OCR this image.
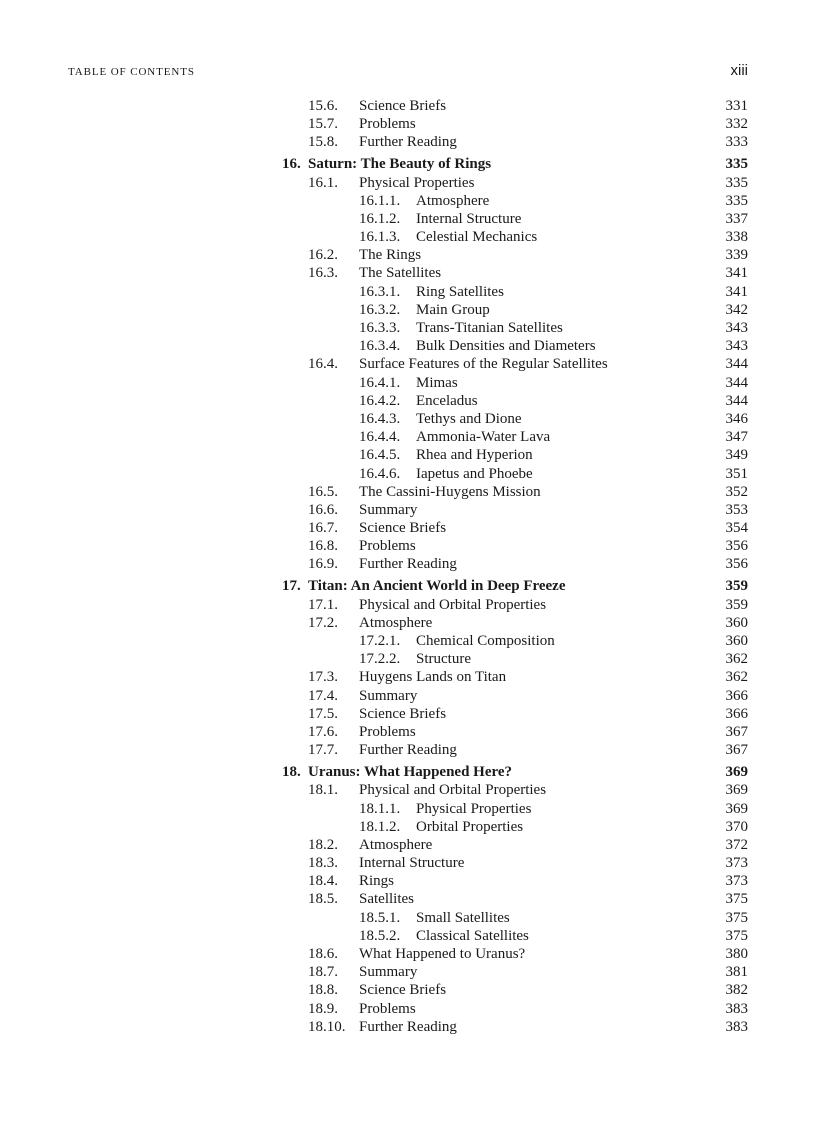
TABLE OF CONTENTS	xiii
15.6. Science Briefs	331
15.7. Problems	332
15.8. Further Reading	333
16. Saturn: The Beauty of Rings	335
16.1. Physical Properties	335
16.1.1. Atmosphere	335
16.1.2. Internal Structure	337
16.1.3. Celestial Mechanics	338
16.2. The Rings	339
16.3. The Satellites	341
16.3.1. Ring Satellites	341
16.3.2. Main Group	342
16.3.3. Trans-Titanian Satellites	343
16.3.4. Bulk Densities and Diameters	343
16.4. Surface Features of the Regular Satellites	344
16.4.1. Mimas	344
16.4.2. Enceladus	344
16.4.3. Tethys and Dione	346
16.4.4. Ammonia-Water Lava	347
16.4.5. Rhea and Hyperion	349
16.4.6. Iapetus and Phoebe	351
16.5. The Cassini-Huygens Mission	352
16.6. Summary	353
16.7. Science Briefs	354
16.8. Problems	356
16.9. Further Reading	356
17. Titan: An Ancient World in Deep Freeze	359
17.1. Physical and Orbital Properties	359
17.2. Atmosphere	360
17.2.1. Chemical Composition	360
17.2.2. Structure	362
17.3. Huygens Lands on Titan	362
17.4. Summary	366
17.5. Science Briefs	366
17.6. Problems	367
17.7. Further Reading	367
18. Uranus: What Happened Here?	369
18.1. Physical and Orbital Properties	369
18.1.1. Physical Properties	369
18.1.2. Orbital Properties	370
18.2. Atmosphere	372
18.3. Internal Structure	373
18.4. Rings	373
18.5. Satellites	375
18.5.1. Small Satellites	375
18.5.2. Classical Satellites	375
18.6. What Happened to Uranus?	380
18.7. Summary	381
18.8. Science Briefs	382
18.9. Problems	383
18.10. Further Reading	383
